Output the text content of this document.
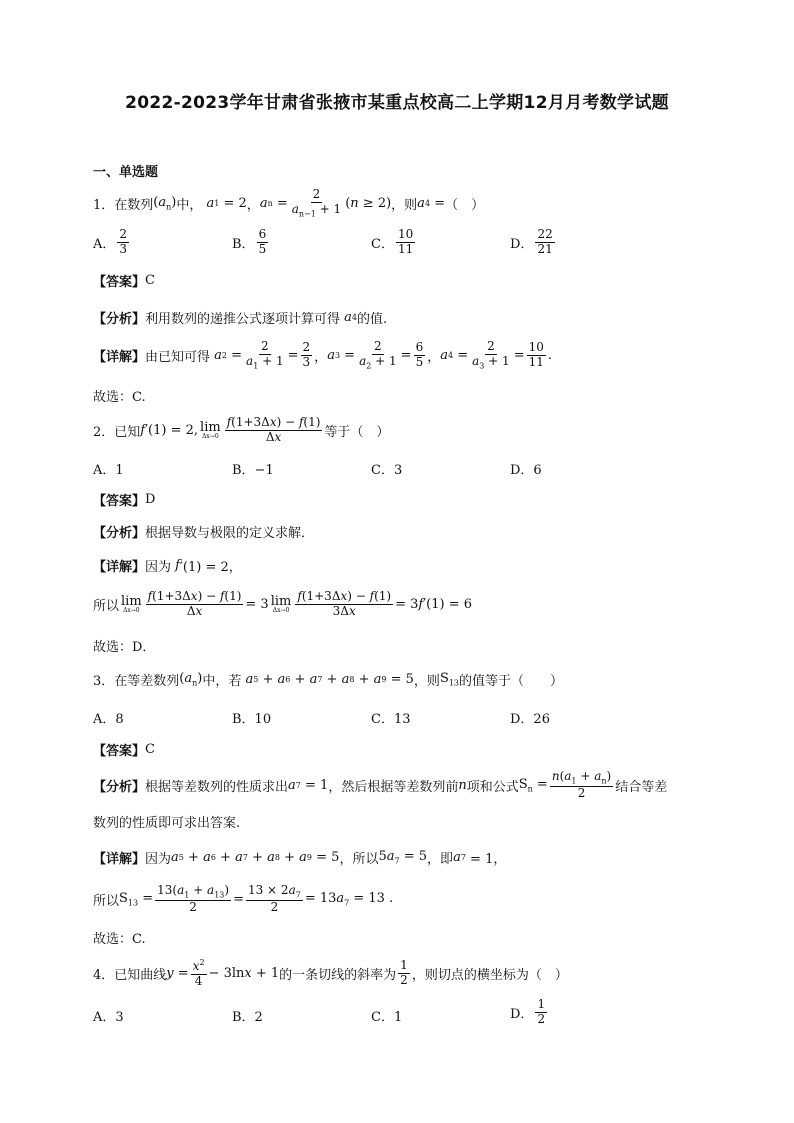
2022-2023学年甘肃省张掖市某重点校高二上学期12月月考数学试题
一、单选题
1．在数列 $(a_n)$ 中， a 1 = 2 ， a $n = \frac{2}{a_{n-1} + 1} (n \ge 2)$ ，则 a 4 = （　）
A． $\frac{2}{3}$	B． $\frac{6}{5}$	C． $\frac{10}{11}$	D． $\frac{22}{21}$
【答案】 C
【分析】 利用数列的递推公式逐项计算可得 a 4 的值.
【详解】 由已知可得 a $2 = \frac{2}{a_1 + 1} = \frac{2}{3}$ ， a $3 = \frac{2}{a_2 + 1} = \frac{6}{5}$ ， a $4 = \frac{2}{a_3 + 1} = \frac{10}{11}$ .
故选：C.
2．已知 f ′(1) = 2, lim
$\Delta x\to 0 \frac{f(1+3\Delta x) - f(1)}{\Delta x}$ 等于（　）
A．1	B．−1	C．3	D．6
【答案】 D
【分析】 根据导数与极限的定义求解．
【详解】 因为 f ′(1) = 2，
所以 lim
$\Delta x\to 0 \frac{f(1+3\Delta x) - f(1)}{\Delta x} = 3$ lim
$\Delta x\to 0 \frac{f(1+3\Delta x) - f(1)}{3\Delta x} = 3f'(1) = 6$
故选：D．
3．在等差数列 $(a_n)$ 中，若 a 5 + a 6 + a 7 + a 8 + a 9 = 5 ，则 $S_{13}$ 的值等于（　　）
A．8	B．10	C．13	D．26
【答案】 C
【分析】 根据等差数列的性质求出 a 7 = 1 ，然后根据等差数列前 n 项和公式 $S_n = \frac{n(a_1 + a_n)}{2}$ 结合等差
数列的性质即可求出答案.
【详解】 因为 a 5 + a 6 + a 7 + a 8 + a 9 = 5 ，所以 $5a_7 = 5$ ，即 a 7 = 1，
所以 $S_{13} = \frac{13(a_1 + a_{13})}{2} = \frac{13 \times 2a_7}{2} = 13a_7 = 13$ .
故选：C.
4．已知曲线 $y = \frac{x^2}{4} - 3\ln x + 1$ 的一条切线的斜率为 $\frac{1}{2}$ ，则切点的横坐标为（　）
A．3	B．2	C．1	D． $\frac{1}{2}$
